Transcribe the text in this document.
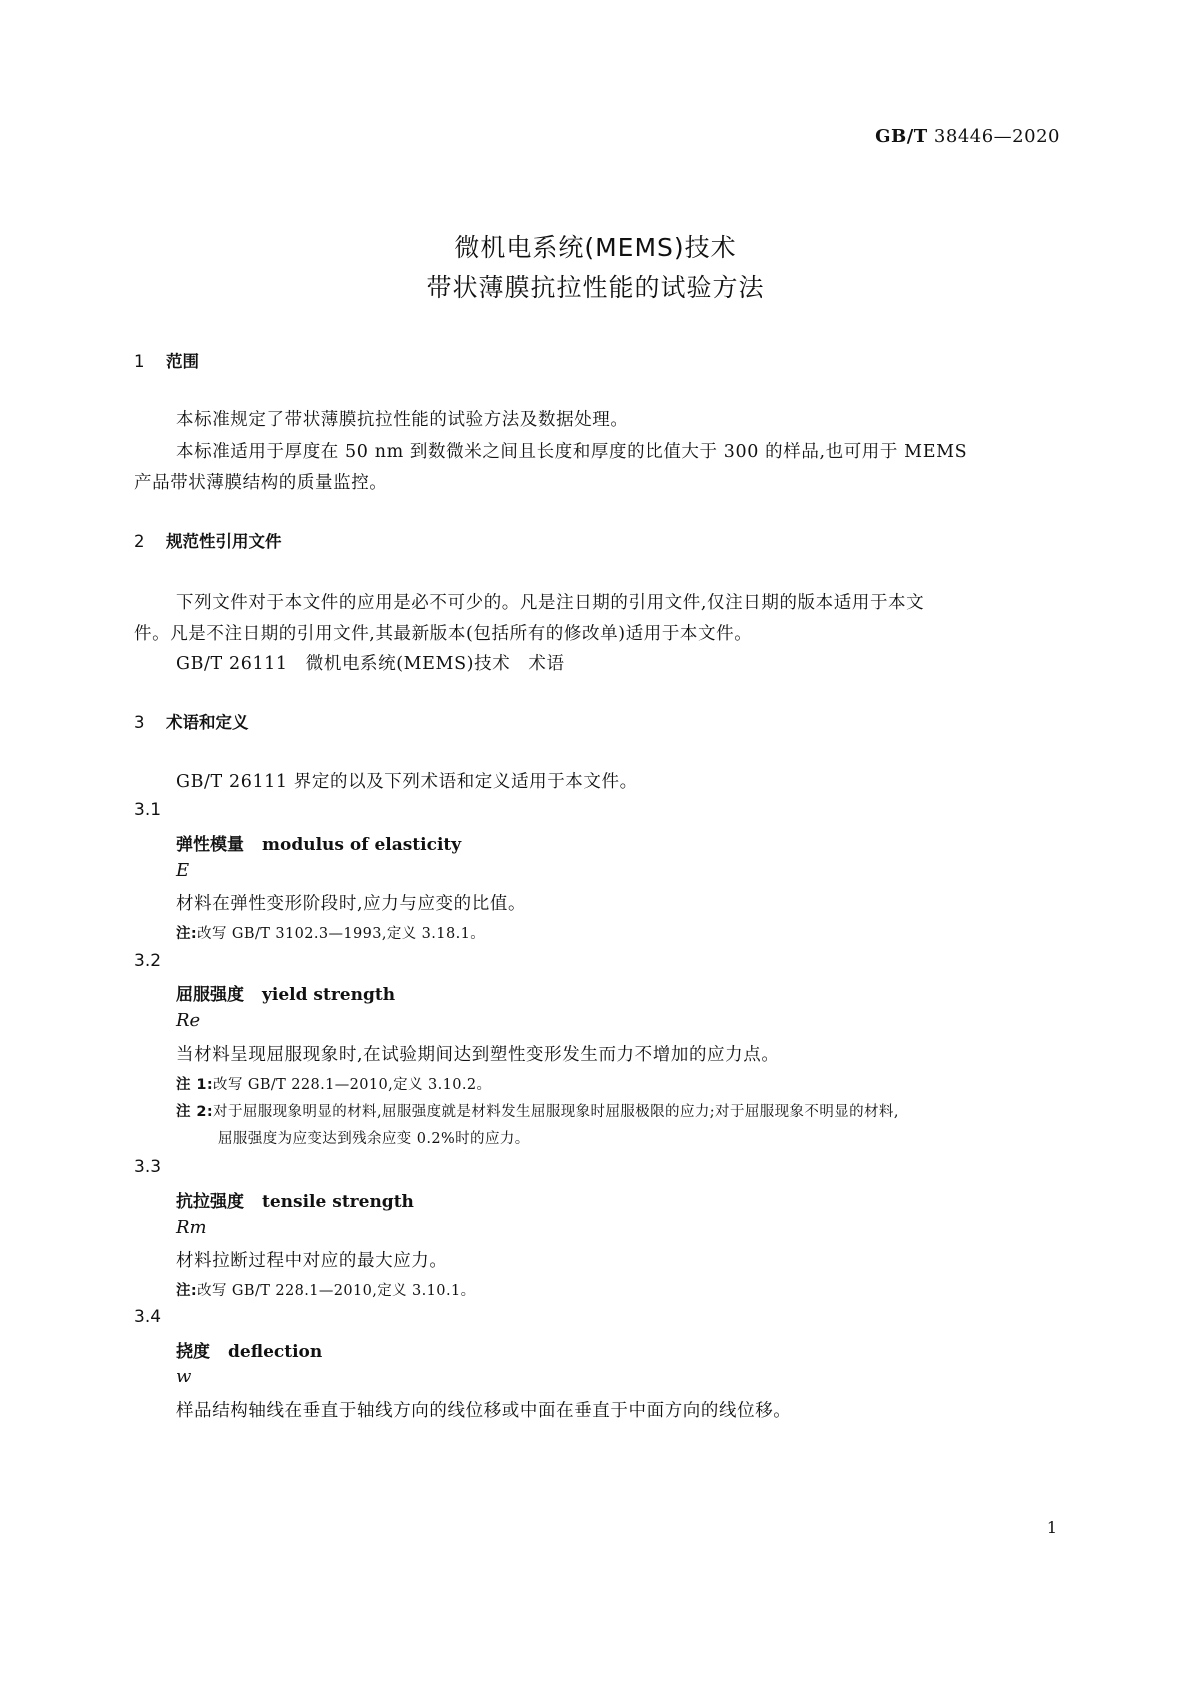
GB/T 38446—2020
微机电系统(MEMS)技术
带状薄膜抗拉性能的试验方法
1 范围
本标准规定了带状薄膜抗拉性能的试验方法及数据处理。
本标准适用于厚度在 50 nm 到数微米之间且长度和厚度的比值大于 300 的样品,也可用于 MEMS
产品带状薄膜结构的质量监控。
2 规范性引用文件
下列文件对于本文件的应用是必不可少的。凡是注日期的引用文件,仅注日期的版本适用于本文
件。凡是不注日期的引用文件,其最新版本(包括所有的修改单)适用于本文件。
GB/T 26111　微机电系统(MEMS)技术　术语
3 术语和定义
GB/T 26111 界定的以及下列术语和定义适用于本文件。
3.1
弹性模量 modulus of elasticity
E
材料在弹性变形阶段时,应力与应变的比值。
注:改写 GB/T 3102.3—1993,定义 3.18.1。
3.2
屈服强度 yield strength
Re
当材料呈现屈服现象时,在试验期间达到塑性变形发生而力不增加的应力点。
注 1:改写 GB/T 228.1—2010,定义 3.10.2。
注 2:对于屈服现象明显的材料,屈服强度就是材料发生屈服现象时屈服极限的应力;对于屈服现象不明显的材料,
屈服强度为应变达到残余应变 0.2%时的应力。
3.3
抗拉强度 tensile strength
Rm
材料拉断过程中对应的最大应力。
注:改写 GB/T 228.1—2010,定义 3.10.1。
3.4
挠度 deflection
w
样品结构轴线在垂直于轴线方向的线位移或中面在垂直于中面方向的线位移。
1
